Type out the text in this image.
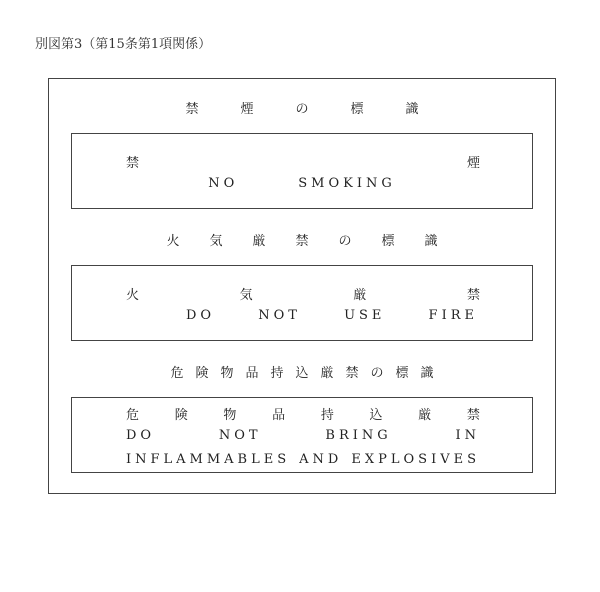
別図第3（第15条第1項関係）
禁	煙	の	標	識
禁	煙
NO	SMOKING
火	気	厳	禁	の	標	識
火	気	厳	禁
DO	NOT	USE	FIRE
危 険 物 品 持 込 厳 禁 の 標 識
危	険	物	品	持	込	厳	禁
DO	NOT	BRING	IN
INFLAMMABLES AND EXPLOSIVES
